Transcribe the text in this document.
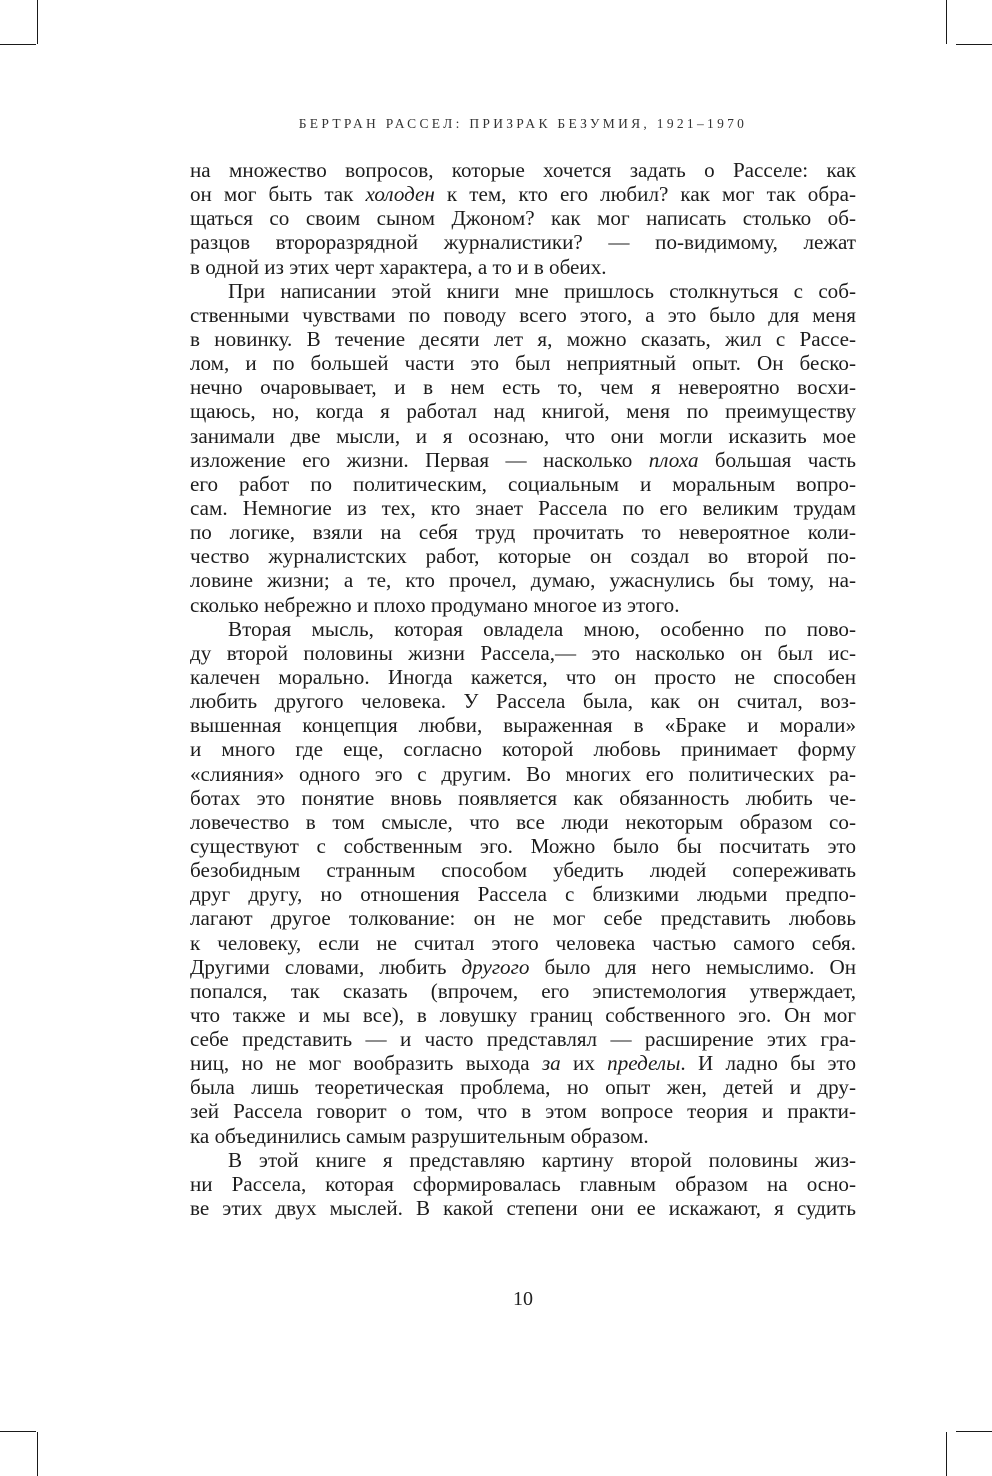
БЕРТРАН РАССЕЛ: ПРИЗРАК БЕЗУМИЯ, 1921–1970
на множество вопросов, которые хочется задать о Расселе: как
он мог быть так холоден к тем, кто его любил? как мог так обра-
щаться со своим сыном Джоном? как мог написать столько об-
разцов второразрядной журналистики? — по-видимому, лежат
в одной из этих черт характера, а то и в обеих.
При написании этой книги мне пришлось столкнуться с соб-
ственными чувствами по поводу всего этого, а это было для меня
в новинку. В течение десяти лет я, можно сказать, жил с Рассе-
лом, и по большей части это был неприятный опыт. Он беско-
нечно очаровывает, и в нем есть то, чем я невероятно восхи-
щаюсь, но, когда я работал над книгой, меня по преимуществу
занимали две мысли, и я осознаю, что они могли исказить мое
изложение его жизни. Первая — насколько плоха большая часть
его работ по политическим, социальным и моральным вопро-
сам. Немногие из тех, кто знает Рассела по его великим трудам
по логике, взяли на себя труд прочитать то невероятное коли-
чество журналистских работ, которые он создал во второй по-
ловине жизни; а те, кто прочел, думаю, ужаснулись бы тому, на-
сколько небрежно и плохо продумано многое из этого.
Вторая мысль, которая овладела мною, особенно по пово-
ду второй половины жизни Рассела,— это насколько он был ис-
калечен морально. Иногда кажется, что он просто не способен
любить другого человека. У Рассела была, как он считал, воз-
вышенная концепция любви, выраженная в «Браке и морали»
и много где еще, согласно которой любовь принимает форму
«слияния» одного эго с другим. Во многих его политических ра-
ботах это понятие вновь появляется как обязанность любить че-
ловечество в том смысле, что все люди некоторым образом со-
существуют с собственным эго. Можно было бы посчитать это
безобидным странным способом убедить людей сопереживать
друг другу, но отношения Рассела с близкими людьми предпо-
лагают другое толкование: он не мог себе представить любовь
к человеку, если не считал этого человека частью самого себя.
Другими словами, любить другого было для него немыслимо. Он
попался, так сказать (впрочем, его эпистемология утверждает,
что также и мы все), в ловушку границ собственного эго. Он мог
себе представить — и часто представлял — расширение этих гра-
ниц, но не мог вообразить выхода за их пределы. И ладно бы это
была лишь теоретическая проблема, но опыт жен, детей и дру-
зей Рассела говорит о том, что в этом вопросе теория и практи-
ка объединились самым разрушительным образом.
В этой книге я представляю картину второй половины жиз-
ни Рассела, которая сформировалась главным образом на осно-
ве этих двух мыслей. В какой степени они ее искажают, я судить
10
